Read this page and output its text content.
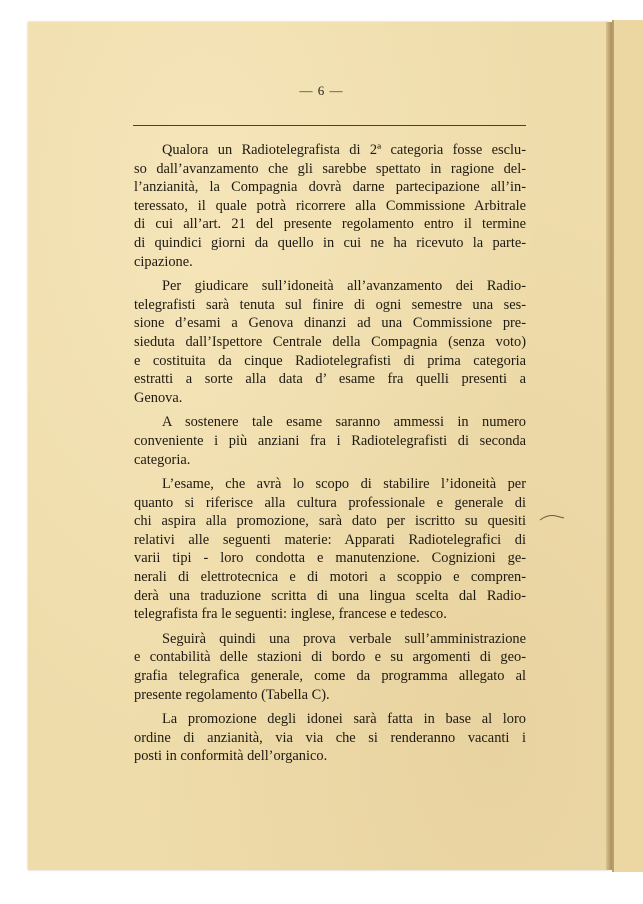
— 6 —
Qualora un Radiotelegrafista di 2ª categoria fosse esclu-
so dall’avanzamento che gli sarebbe spettato in ragione del-
l’anzianità, la Compagnia dovrà darne partecipazione all’in-
teressato, il quale potrà ricorrere alla Commissione Arbitrale
di cui all’art. 21 del presente regolamento entro il termine
di quindici giorni da quello in cui ne ha ricevuto la parte-
cipazione.
Per giudicare sull’idoneità all’avanzamento dei Radio-
telegrafisti sarà tenuta sul finire di ogni semestre una ses-
sione d’esami a Genova dinanzi ad una Commissione pre-
sieduta dall’Ispettore Centrale della Compagnia (senza voto)
e costituita da cinque Radiotelegrafisti di prima categoria
estratti a sorte alla data d’ esame fra quelli presenti a
Genova.
A sostenere tale esame saranno ammessi in numero
conveniente i più anziani fra i Radiotelegrafisti di seconda
categoria.
L’esame, che avrà lo scopo di stabilire l’idoneità per
quanto si riferisce alla cultura professionale e generale di
chi aspira alla promozione, sarà dato per iscritto su quesiti
relativi alle seguenti materie: Apparati Radiotelegrafici di
varii tipi - loro condotta e manutenzione. Cognizioni ge-
nerali di elettrotecnica e di motori a scoppio e compren-
derà una traduzione scritta di una lingua scelta dal Radio-
telegrafista fra le seguenti: inglese, francese e tedesco.
Seguirà quindi una prova verbale sull’amministrazione
e contabilità delle stazioni di bordo e su argomenti di geo-
grafia telegrafica generale, come da programma allegato al
presente regolamento (Tabella C).
La promozione degli idonei sarà fatta in base al loro
ordine di anzianità, via via che si renderanno vacanti i
posti in conformità dell’organico.
